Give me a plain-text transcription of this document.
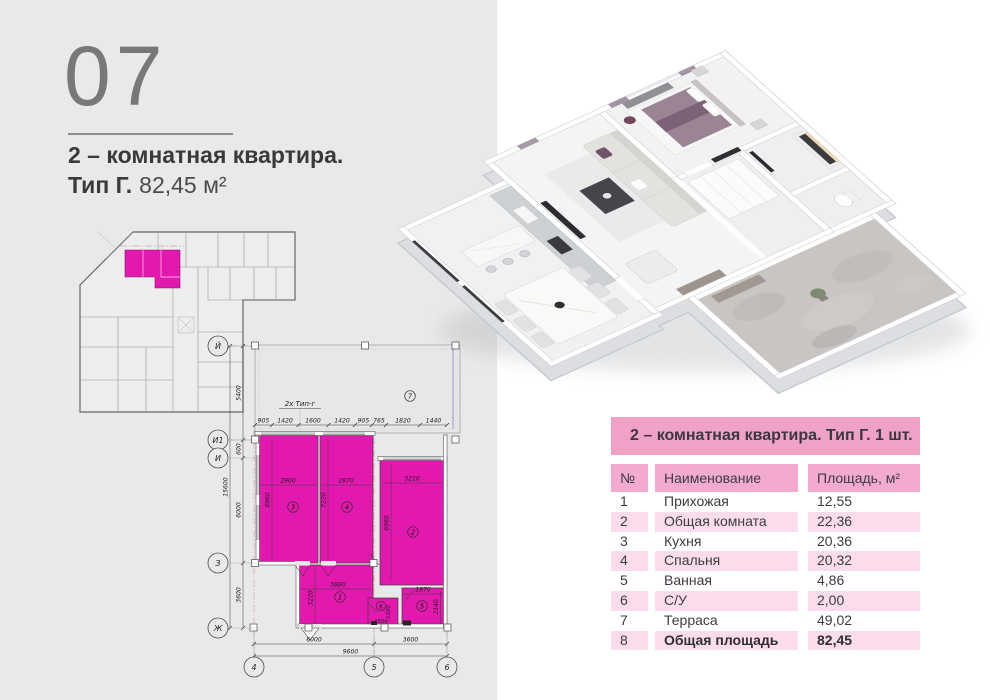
07
2 – комнатная квартира.
Тип Г. 82,45 м²
2x Тип-г
905 1420 1600 1420 905 765 1820 1440
5400
600
6000
3600
15600
6000	3600
9600
2900
6960
2870
7220
3210
6960
3880
3220
1870
2140
1500
1320
7
3	4
2
1
5
6
Й
И1
И
З
Ж
4	5	6
2 – комнатная квартира. Тип Г. 1 шт.
№	Наименование	Площадь, м²
1	Прихожая	12,55
2	Общая комната	22,36
3	Кухня	20,36
4	Спальня	20,32
5	Ванная	4,86
6	С/У	2,00
7	Терраса	49,02
8	Общая площадь	82,45
